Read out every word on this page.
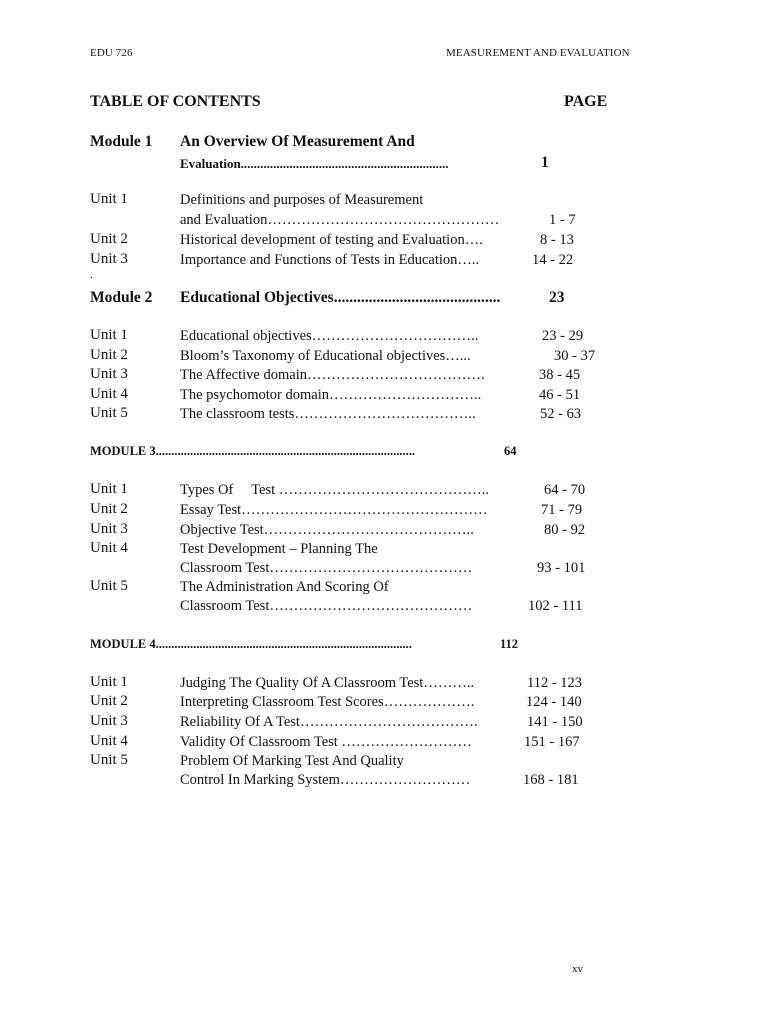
EDU 726	MEASUREMENT AND EVALUATION
TABLE OF CONTENTS	PAGE
Module 1 An Overview Of Measurement And
Evaluation................................................................	1
Unit 1	Definitions and purposes of Measurement
and Evaluation…………………………………………	1 - 7
Unit 2	Historical development of testing and Evaluation….	8 - 13
Unit 3	Importance and Functions of Tests in Education…..	14 - 22
.
Module 2 Educational Objectives...........................................	23
Unit 1	Educational objectives……………………………..	23 - 29
Unit 2	Bloom’s Taxonomy of Educational objectives…...	30 - 37
Unit 3	The Affective domain……………………………….	38 - 45
Unit 4	The psychomotor domain…………………………..	46 - 51
Unit 5	The classroom tests………………………………..	52 - 63
MODULE 3...................................................................................	64
Unit 1	Types Of     Test ……………………………………..	64 - 70
Unit 2	Essay Test……………………………………………	71 - 79
Unit 3	Objective Test……………………………………..	80 - 92
Unit 4	Test Development – Planning The
Classroom Test……………………………………	93 - 101
Unit 5	The Administration And Scoring Of
Classroom Test……………………………………	102 - 111
MODULE 4..................................................................................	112
Unit 1	Judging The Quality Of A Classroom Test………..	112 - 123
Unit 2	Interpreting Classroom Test Scores……………….	124 - 140
Unit 3	Reliability Of A Test……………………………….	141 - 150
Unit 4	Validity Of Classroom Test ………………………	151 - 167
Unit 5	Problem Of Marking Test And Quality
Control In Marking System………………………	168 - 181
xv
